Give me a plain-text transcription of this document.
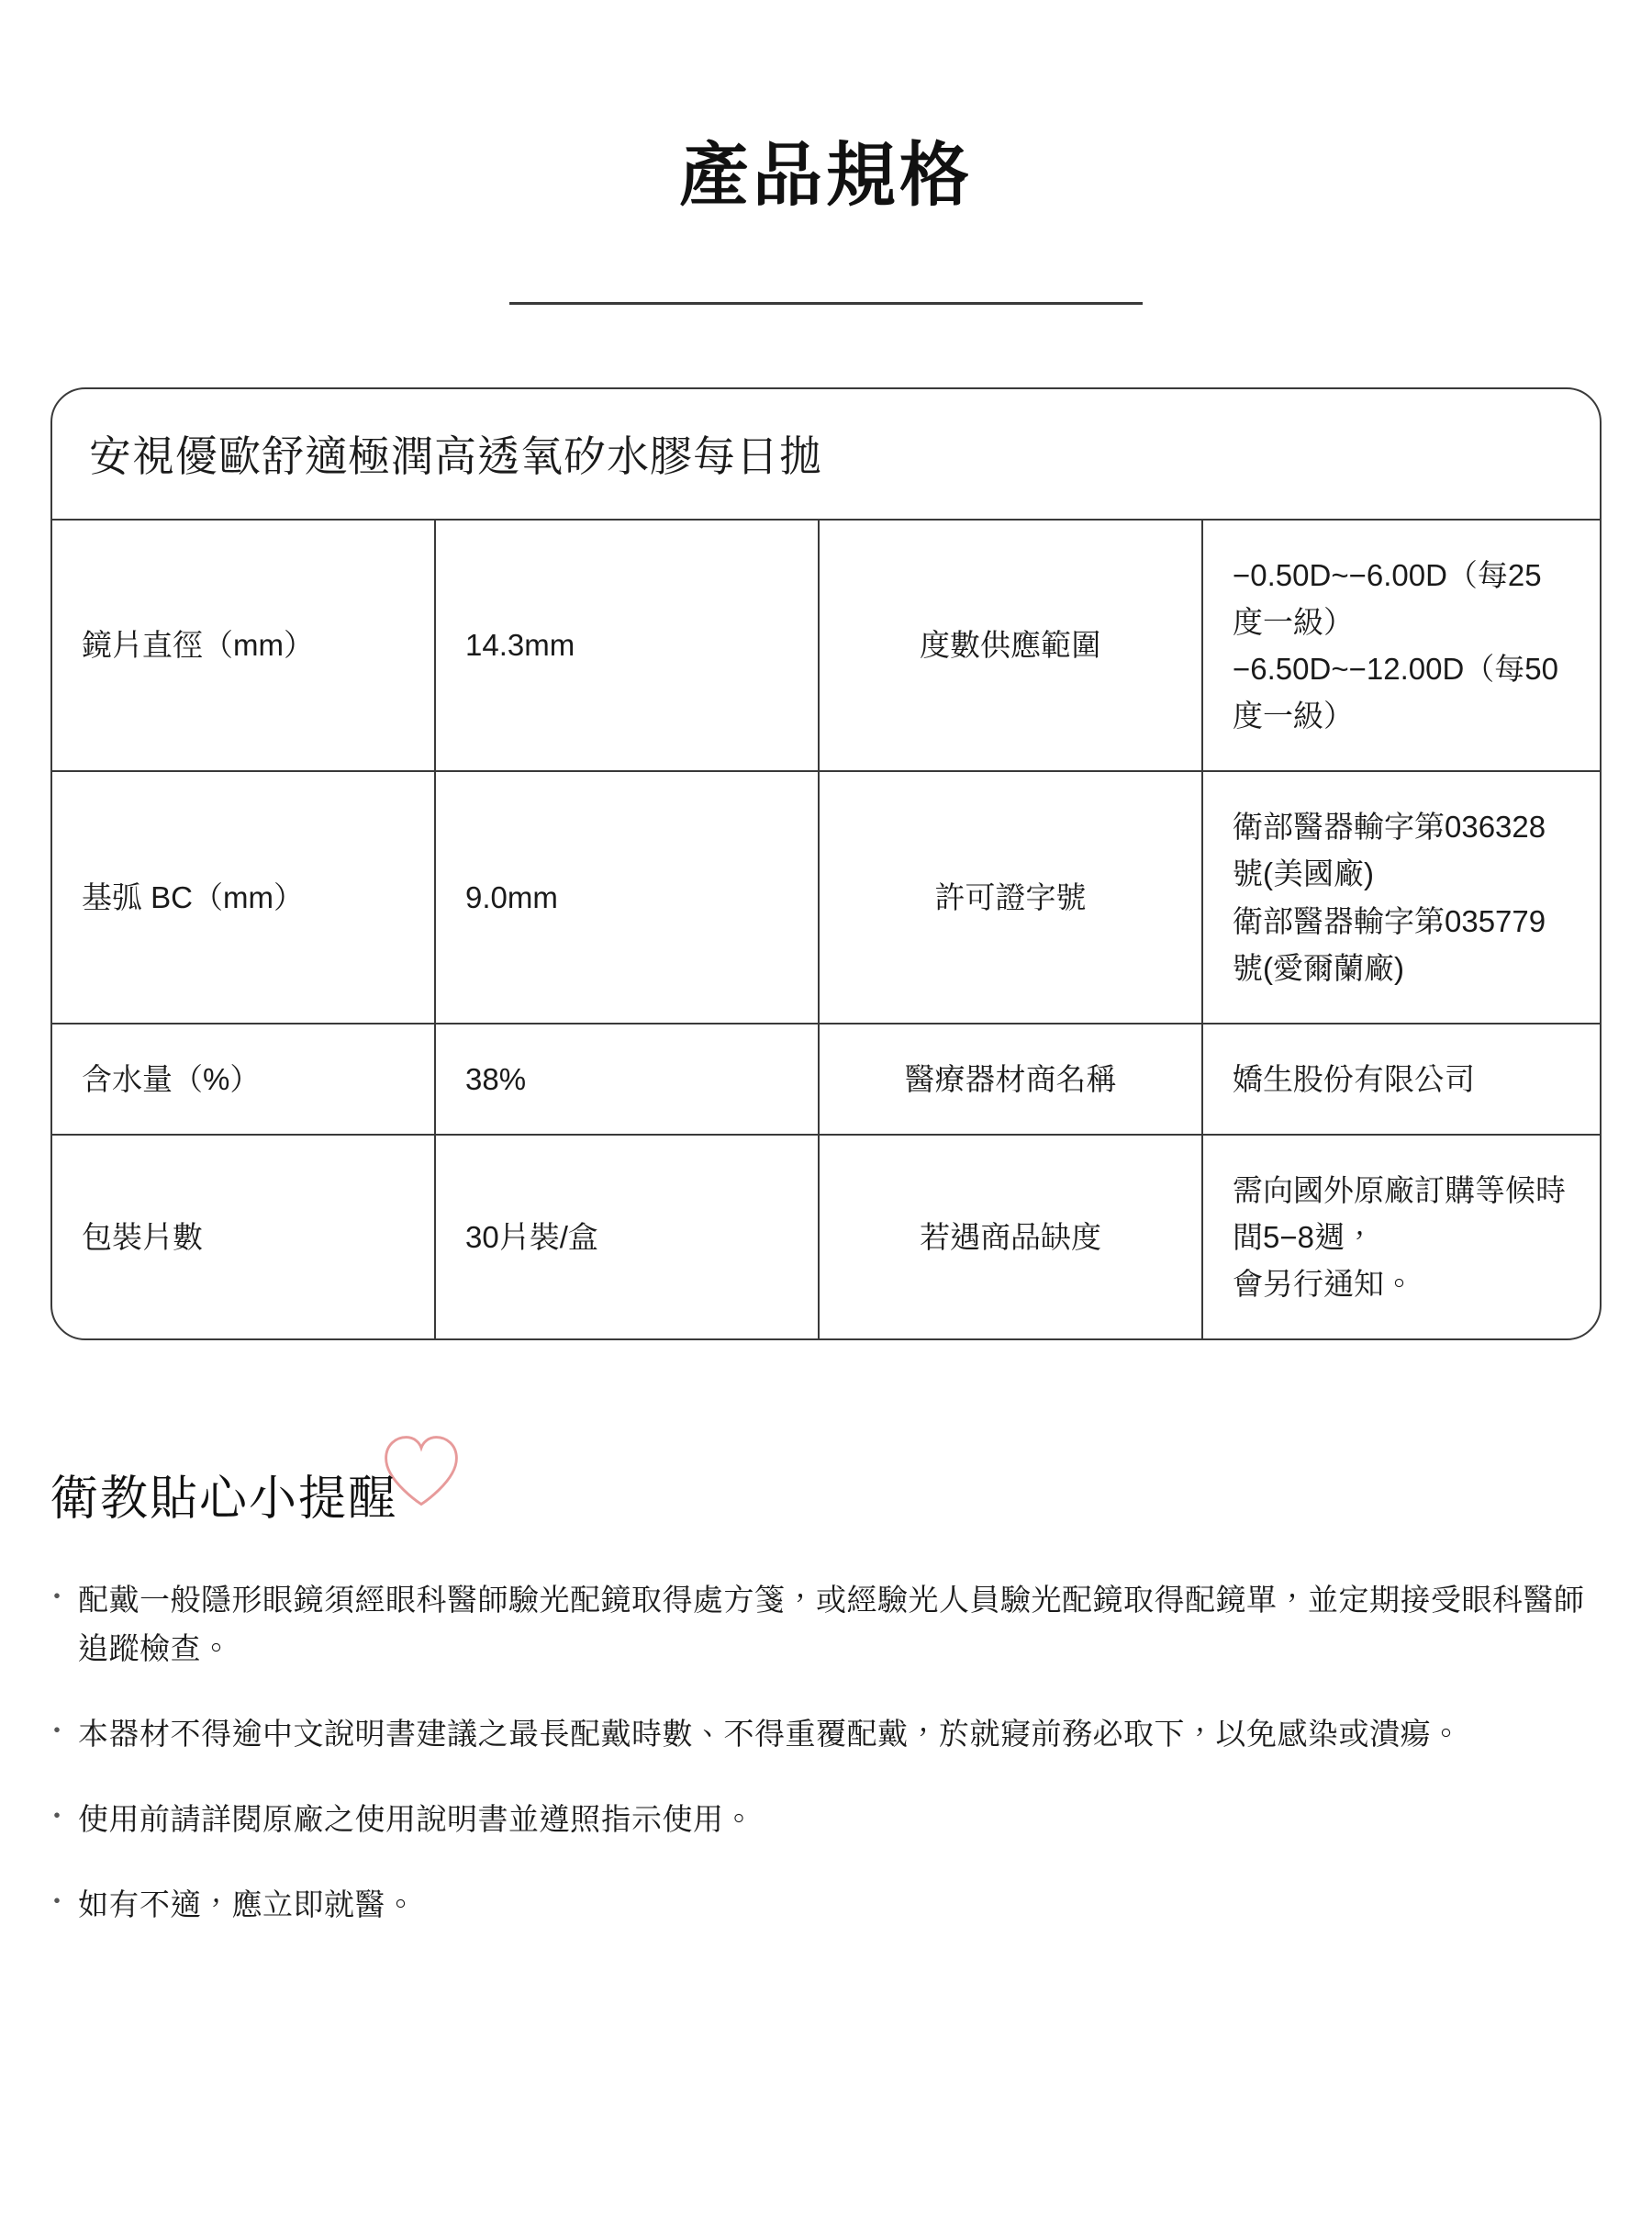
產品規格
安視優歐舒適極潤高透氧矽水膠每日拋
鏡片直徑（mm）	14.3mm	度數供應範圍	−0.50D~−6.00D（每25度一級）
−6.50D~−12.00D（每50度一級）

基弧 BC（mm）	9.0mm	許可證字號	衛部醫器輸字第036328號(美國廠)
衛部醫器輸字第035779號(愛爾蘭廠)

含水量（%）	38%	醫療器材商名稱	嬌生股份有限公司

包裝片數	30片裝/盒	若遇商品缺度	需向國外原廠訂購等候時間5−8週，
會另行通知。
衛教貼心小提醒
・ 配戴一般隱形眼鏡須經眼科醫師驗光配鏡取得處方箋，或經驗光人員驗光配鏡取得配鏡單，並定期接受眼科醫師追蹤檢查。
・ 本器材不得逾中文說明書建議之最長配戴時數、不得重覆配戴，於就寢前務必取下，以免感染或潰瘍。
・ 使用前請詳閱原廠之使用說明書並遵照指示使用。
・ 如有不適，應立即就醫。
